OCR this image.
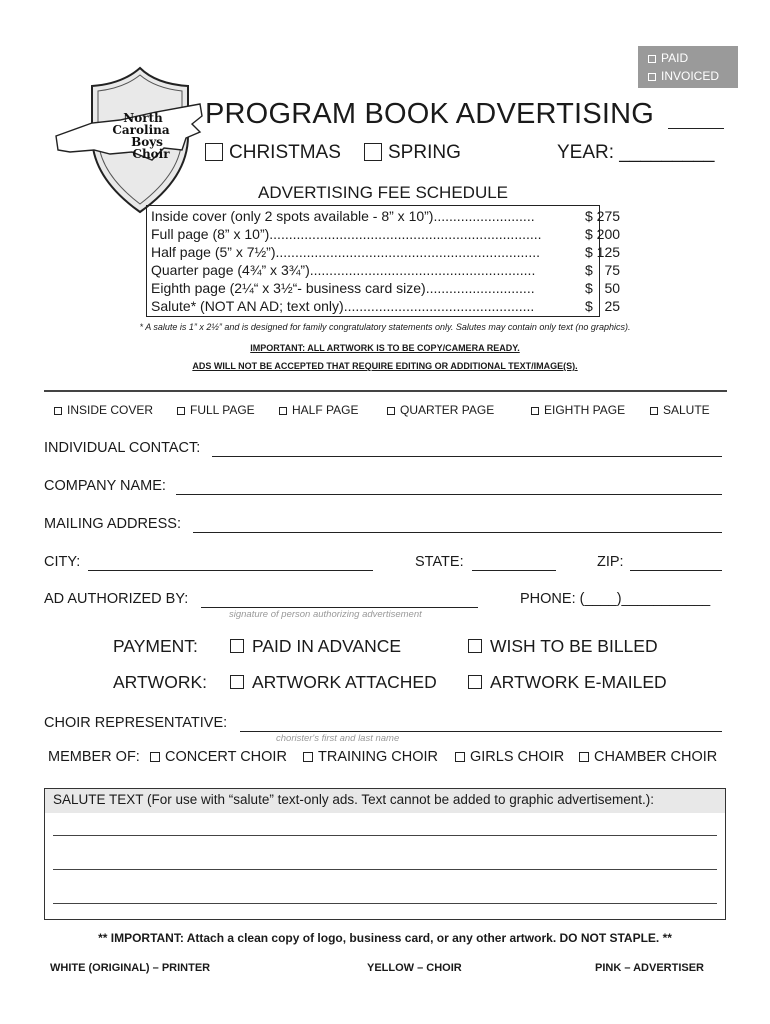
PAID
INVOICED
North
Carolina
Boys
Choir
PROGRAM BOOK ADVERTISING
CHRISTMAS	SPRING	YEAR: _________
ADVERTISING FEE SCHEDULE
Inside cover (only 2 spots available - 8” x 10”)..........................	$ 275
Full page (8” x 10”)......................................................................	$ 200
Half page (5” x 7½”)....................................................................	$ 125
Quarter page (4¾” x 3¾”)..........................................................	$   75
Eighth page (2¼“ x 3½“- business card size)............................	$   50
Salute* (NOT AN AD; text only).................................................	$   25
* A salute is 1” x 2½” and is designed for family congratulatory statements only. Salutes may contain only text (no graphics).
IMPORTANT: ALL ARTWORK IS TO BE COPY/CAMERA READY.
ADS WILL NOT BE ACCEPTED THAT REQUIRE EDITING OR ADDITIONAL TEXT/IMAGE(S).
INSIDE COVER	FULL PAGE	HALF PAGE	QUARTER PAGE	EIGHTH PAGE	SALUTE
INDIVIDUAL CONTACT:
COMPANY NAME:
MAILING ADDRESS:
CITY:	STATE:	ZIP:
AD AUTHORIZED BY:
signature of person authorizing advertisement
PHONE: (____)___________
PAYMENT:	PAID IN ADVANCE	WISH TO BE BILLED
ARTWORK:	ARTWORK ATTACHED	ARTWORK E-MAILED
CHOIR REPRESENTATIVE:
chorister's first and last name
MEMBER OF:	CONCERT CHOIR	TRAINING CHOIR	GIRLS CHOIR	CHAMBER CHOIR
SALUTE TEXT (For use with “salute” text-only ads. Text cannot be added to graphic advertisement.):
** IMPORTANT: Attach a clean copy of logo, business card, or any other artwork. DO NOT STAPLE. **
WHITE (ORIGINAL) – PRINTER	YELLOW – CHOIR	PINK – ADVERTISER
